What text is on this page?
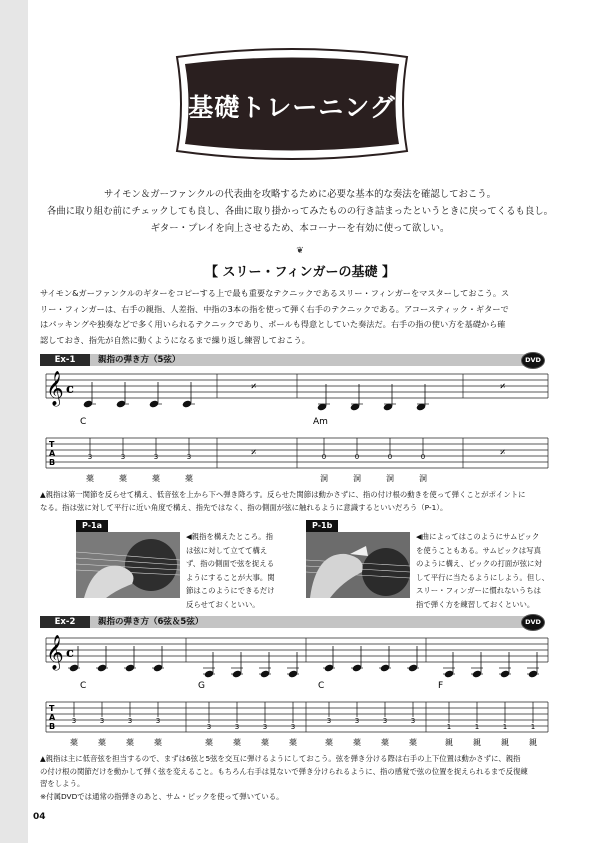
基礎トレーニング
サイモン＆ガーファンクルの代表曲を攻略するために必要な基本的な奏法を確認しておこう。
各曲に取り組む前にチェックしても良し、各曲に取り掛かってみたものの行き詰まったというときに戻ってくるも良し。
ギター・プレイを向上させるため、本コーナーを有効に使って欲しい。
❦
【 スリー・フィンガーの基礎 】
サイモン&ガーファンクルのギターをコピーする上で最も重要なテクニックであるスリー・フィンガーをマスターしておこう。ス
リー・フィンガーは、右手の親指、人差指、中指の3本の指を使って弾く右手のテクニックである。アコースティック・ギターで
はパッキングや独奏などで多く用いられるテクニックであり、ポールも得意としていた奏法だ。右手の指の使い方を基礎から確
認しておき、指先が自然に動くようになるまで繰り返し練習しておこう。
Ex-1	親指の弾き方（5弦）	DVD
𝄞 c
T
A
B
𝄎	𝄎
𝄎	𝄎
C	Am
3	3	3	3	0	0	0	0
薬	薬	薬	薬	洞	洞	洞	洞
▲親指は第一関節を反らせて構え、低音弦を上から下へ弾き降ろす。反らせた関節は動かさずに、指の付け根の動きを使って弾くことがポイントに
なる。指は弦に対して平行に近い角度で構え、指先ではなく、指の側面が弦に触れるように意識するといいだろう（P-1）。
P-1a
◀親指を構えたところ。指
は弦に対して立てて構え
ず、指の側面で弦を捉える
ようにすることが大事。関
節はこのようにできるだけ
反らせておくといい。
P-1b
◀曲によってはこのようにサムピック
を使うこともある。サムピックは写真
のように構え、ピックの打面が弦に対
して平行に当たるようにしよう。但し、
スリー・フィンガーに慣れないうちは
指で弾く方を練習しておくといい。
Ex-2	親指の弾き方（6弦＆5弦）	DVD
𝄞 c
T
A
B
C	G	C	F
3	3	3	3
3	3	3	3
3	3	3	3
1	1	1	1
薬	薬	薬	薬	薬	薬	薬	薬	薬	薬	薬	薬	親	親	親	親
▲親指は主に低音弦を担当するので、まずは6弦と5弦を交互に弾けるようにしておこう。弦を弾き分ける際は右手の上下位置は動かさずに、親指
の付け根の関節だけを動かして弾く弦を変えること。もちろん右手は見ないで弾き分けられるように、指の感覚で弦の位置を捉えられるまで反復練
習をしよう。
※付属DVDでは通常の指弾きのあと、サム・ピックを使って弾いている。
04
